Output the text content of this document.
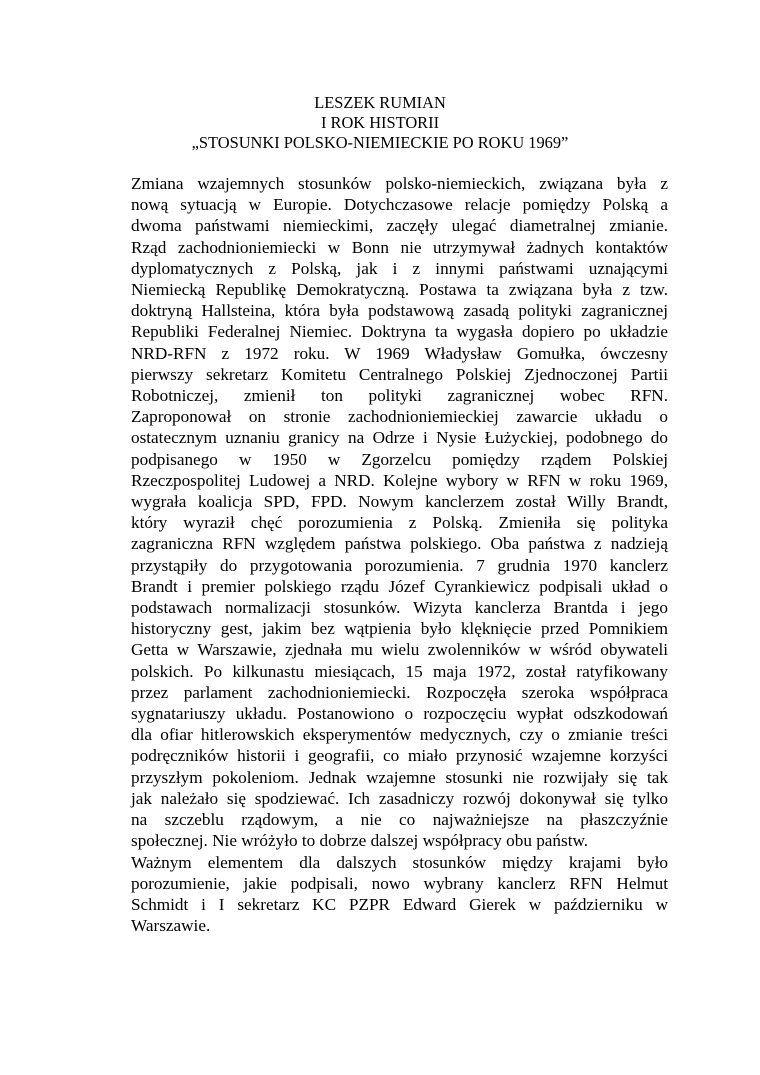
LESZEK RUMIAN
I ROK HISTORII
„STOSUNKI POLSKO-NIEMIECKIE PO ROKU 1969”

Zmiana wzajemnych stosunków polsko-niemieckich, związana była z
nową sytuacją w Europie. Dotychczasowe relacje pomiędzy Polską a
dwoma państwami niemieckimi, zaczęły ulegać diametralnej zmianie.
Rząd zachodnioniemiecki w Bonn nie utrzymywał żadnych kontaktów
dyplomatycznych z Polską, jak i z innymi państwami uznającymi
Niemiecką Republikę Demokratyczną. Postawa ta związana była z tzw.
doktryną Hallsteina, która była podstawową zasadą polityki zagranicznej
Republiki Federalnej Niemiec. Doktryna ta wygasła dopiero po układzie
NRD-RFN z 1972 roku. W 1969 Władysław Gomułka, ówczesny
pierwszy sekretarz Komitetu Centralnego Polskiej Zjednoczonej Partii
Robotniczej, zmienił ton polityki zagranicznej wobec RFN.
Zaproponował on stronie zachodnioniemieckiej zawarcie układu o
ostatecznym uznaniu granicy na Odrze i Nysie Łużyckiej, podobnego do
podpisanego w 1950 w Zgorzelcu pomiędzy rządem Polskiej
Rzeczpospolitej Ludowej a NRD. Kolejne wybory w RFN w roku 1969,
wygrała koalicja SPD, FPD. Nowym kanclerzem został Willy Brandt,
który wyraził chęć porozumienia z Polską. Zmieniła się polityka
zagraniczna RFN względem państwa polskiego. Oba państwa z nadzieją
przystąpiły do przygotowania porozumienia. 7 grudnia 1970 kanclerz
Brandt i premier polskiego rządu Józef Cyrankiewicz podpisali układ o
podstawach normalizacji stosunków. Wizyta kanclerza Brantda i jego
historyczny gest, jakim bez wątpienia było klęknięcie przed Pomnikiem
Getta w Warszawie, zjednała mu wielu zwolenników w wśród obywateli
polskich. Po kilkunastu miesiącach, 15 maja 1972, został ratyfikowany
przez parlament zachodnioniemiecki. Rozpoczęła szeroka współpraca
sygnatariuszy układu. Postanowiono o rozpoczęciu wypłat odszkodowań
dla ofiar hitlerowskich eksperymentów medycznych, czy o zmianie treści
podręczników historii i geografii, co miało przynosić wzajemne korzyści
przyszłym pokoleniom. Jednak wzajemne stosunki nie rozwijały się tak
jak należało się spodziewać. Ich zasadniczy rozwój dokonywał się tylko
na szczeblu rządowym, a nie co najważniejsze na płaszczyźnie
społecznej. Nie wróżyło to dobrze dalszej współpracy obu państw.

Ważnym elementem dla dalszych stosunków między krajami było
porozumienie, jakie podpisali, nowo wybrany kanclerz RFN Helmut
Schmidt i I sekretarz KC PZPR Edward Gierek w październiku w
Warszawie.
